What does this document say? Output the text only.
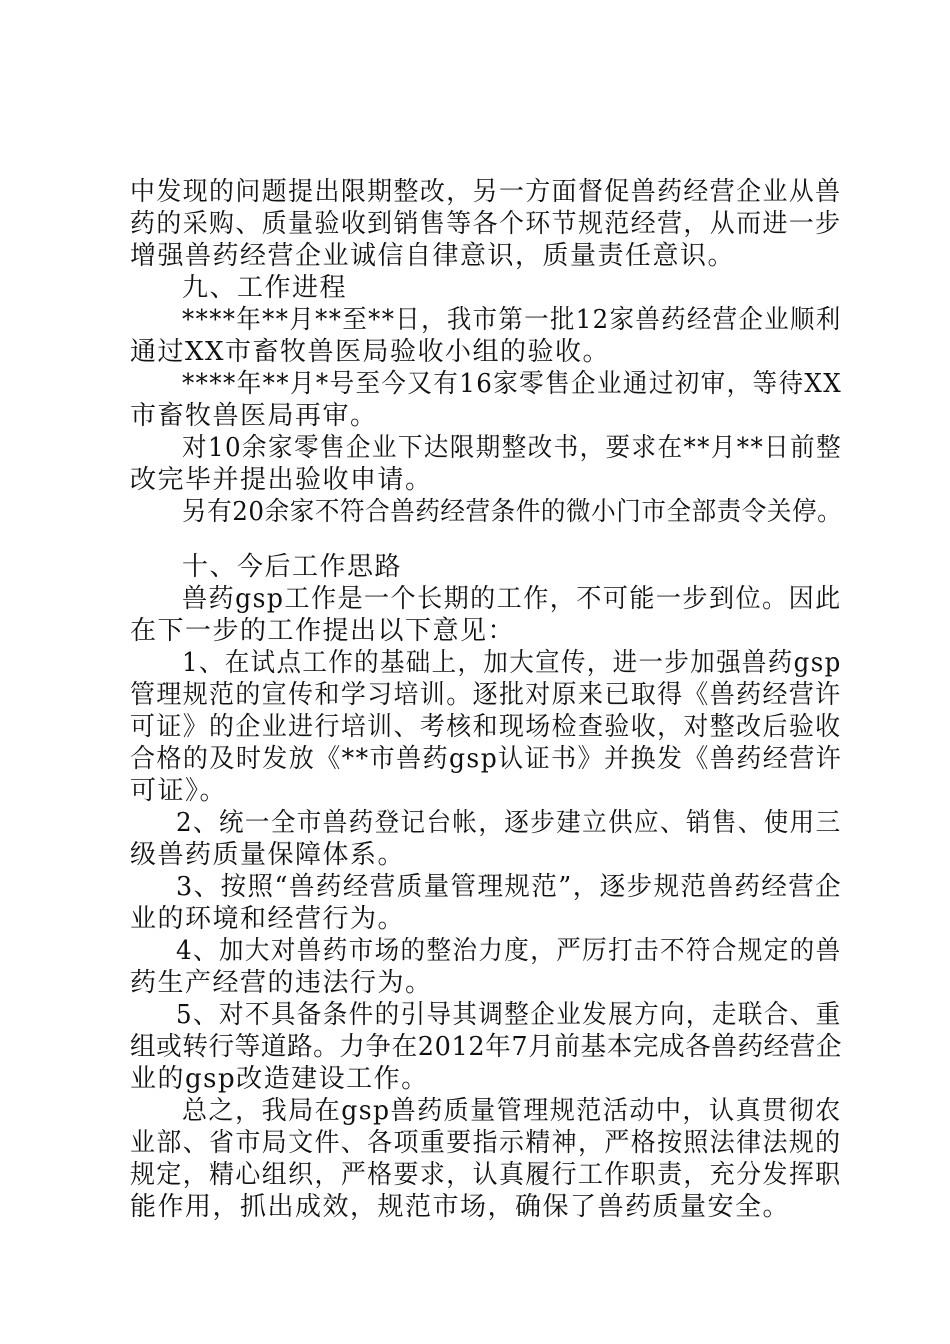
中发现的问题提出限期整改，另一方面督促兽药经营企业从兽
药的采购、质量验收到销售等各个环节规范经营，从而进一步
增强兽药经营企业诚信自律意识，质量责任意识。
九、工作进程
****年**月**至**日，我市第一批12家兽药经营企业顺利
通过XX市畜牧兽医局验收小组的验收。
****年**月*号至今又有16家零售企业通过初审，等待XX
市畜牧兽医局再审。
对10余家零售企业下达限期整改书，要求在**月**日前整
改完毕并提出验收申请。
另有20余家不符合兽药经营条件的微小门市全部责令关停。
十、今后工作思路
兽药gsp工作是一个长期的工作，不可能一步到位。因此
在下一步的工作提出以下意见：
1、在试点工作的基础上，加大宣传，进一步加强兽药gsp
管理规范的宣传和学习培训。逐批对原来已取得《兽药经营许
可证》的企业进行培训、考核和现场检查验收，对整改后验收
合格的及时发放《**市兽药gsp认证书》并换发《兽药经营许
可证》。
2、统一全市兽药登记台帐，逐步建立供应、销售、使用三
级兽药质量保障体系。
3、按照“兽药经营质量管理规范”，逐步规范兽药经营企
业的环境和经营行为。
4、加大对兽药市场的整治力度，严厉打击不符合规定的兽
药生产经营的违法行为。
5、对不具备条件的引导其调整企业发展方向，走联合、重
组或转行等道路。力争在2012年7月前基本完成各兽药经营企
业的gsp改造建设工作。
总之，我局在gsp兽药质量管理规范活动中，认真贯彻农
业部、省市局文件、各项重要指示精神，严格按照法律法规的
规定，精心组织，严格要求，认真履行工作职责，充分发挥职
能作用，抓出成效，规范市场，确保了兽药质量安全。
